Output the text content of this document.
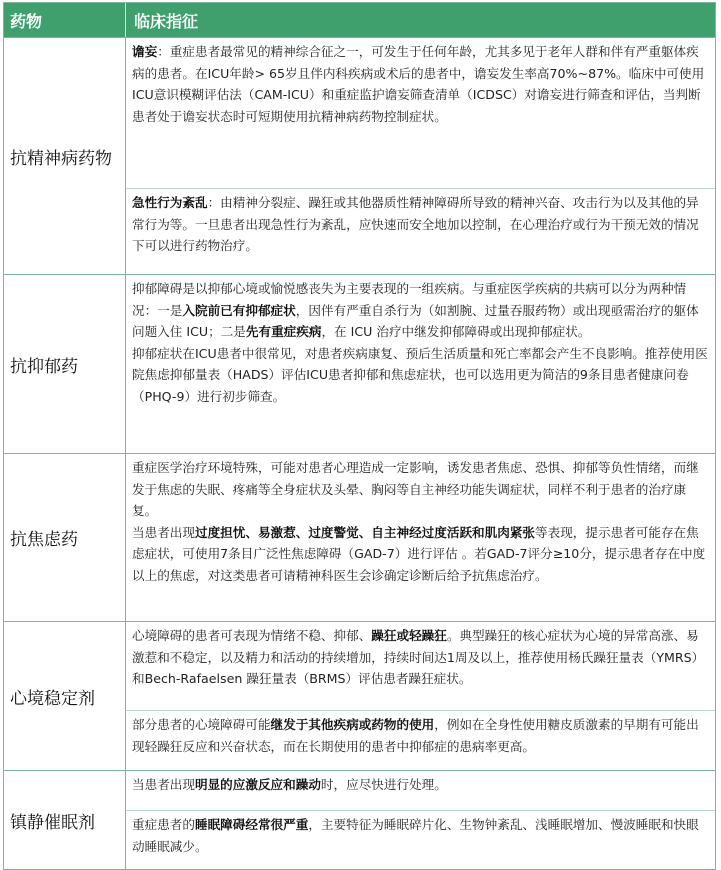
药物	临床指征
抗精神病药物
谵妄：重症患者最常见的精神综合征之一，可发生于任何年龄，尤其多见于老年人群和伴有严重躯体疾病的患者。在ICU年龄> 65岁且伴内科疾病或术后的患者中，谵妄发生率高70%~87%。临床中可使用ICU意识模糊评估法（CAM-ICU）和重症监护谵妄筛查清单（ICDSC）对谵妄进行筛查和评估，当判断患者处于谵妄状态时可短期使用抗精神病药物控制症状。
急性行为紊乱：由精神分裂症、躁狂或其他器质性精神障碍所导致的精神兴奋、攻击行为以及其他的异常行为等。一旦患者出现急性行为紊乱，应快速而安全地加以控制，在心理治疗或行为干预无效的情况下可以进行药物治疗。
抗抑郁药
抑郁障碍是以抑郁心境或愉悦感丧失为主要表现的一组疾病。与重症医学疾病的共病可以分为两种情况：一是入院前已有抑郁症状，因伴有严重自杀行为（如割腕、过量吞服药物）或出现亟需治疗的躯体问题入住 ICU；二是先有重症疾病，在 ICU 治疗中继发抑郁障碍或出现抑郁症状。
抑郁症状在ICU患者中很常见，对患者疾病康复、预后生活质量和死亡率都会产生不良影响。推荐使用医院焦虑抑郁量表（HADS）评估ICU患者抑郁和焦虑症状，也可以选用更为简洁的9条目患者健康问卷（PHQ-9）进行初步筛查。
抗焦虑药
重症医学治疗环境特殊，可能对患者心理造成一定影响，诱发患者焦虑、恐惧、抑郁等负性情绪，而继发于焦虑的失眠、疼痛等全身症状及头晕、胸闷等自主神经功能失调症状，同样不利于患者的治疗康复。
当患者出现过度担忧、易激惹、过度警觉、自主神经过度活跃和肌肉紧张等表现，提示患者可能存在焦虑症状，可使用7条目广泛性焦虑障碍（GAD-7）进行评估 。若GAD-7评分≥10分，提示患者存在中度以上的焦虑，对这类患者可请精神科医生会诊确定诊断后给予抗焦虑治疗。
心境稳定剂
心境障碍的患者可表现为情绪不稳、抑郁、躁狂或轻躁狂。典型躁狂的核心症状为心境的异常高涨、易激惹和不稳定，以及精力和活动的持续增加，持续时间达1周及以上，推荐使用杨氏躁狂量表（YMRS）和Bech-Rafaelsen 躁狂量表（BRMS）评估患者躁狂症状。
部分患者的心境障碍可能继发于其他疾病或药物的使用，例如在全身性使用糖皮质激素的早期有可能出现轻躁狂反应和兴奋状态，而在长期使用的患者中抑郁症的患病率更高。
镇静催眠剂
当患者出现明显的应激反应和躁动时，应尽快进行处理。
重症患者的睡眠障碍经常很严重，主要特征为睡眠碎片化、生物钟紊乱、浅睡眠增加、慢波睡眠和快眼动睡眠减少。
